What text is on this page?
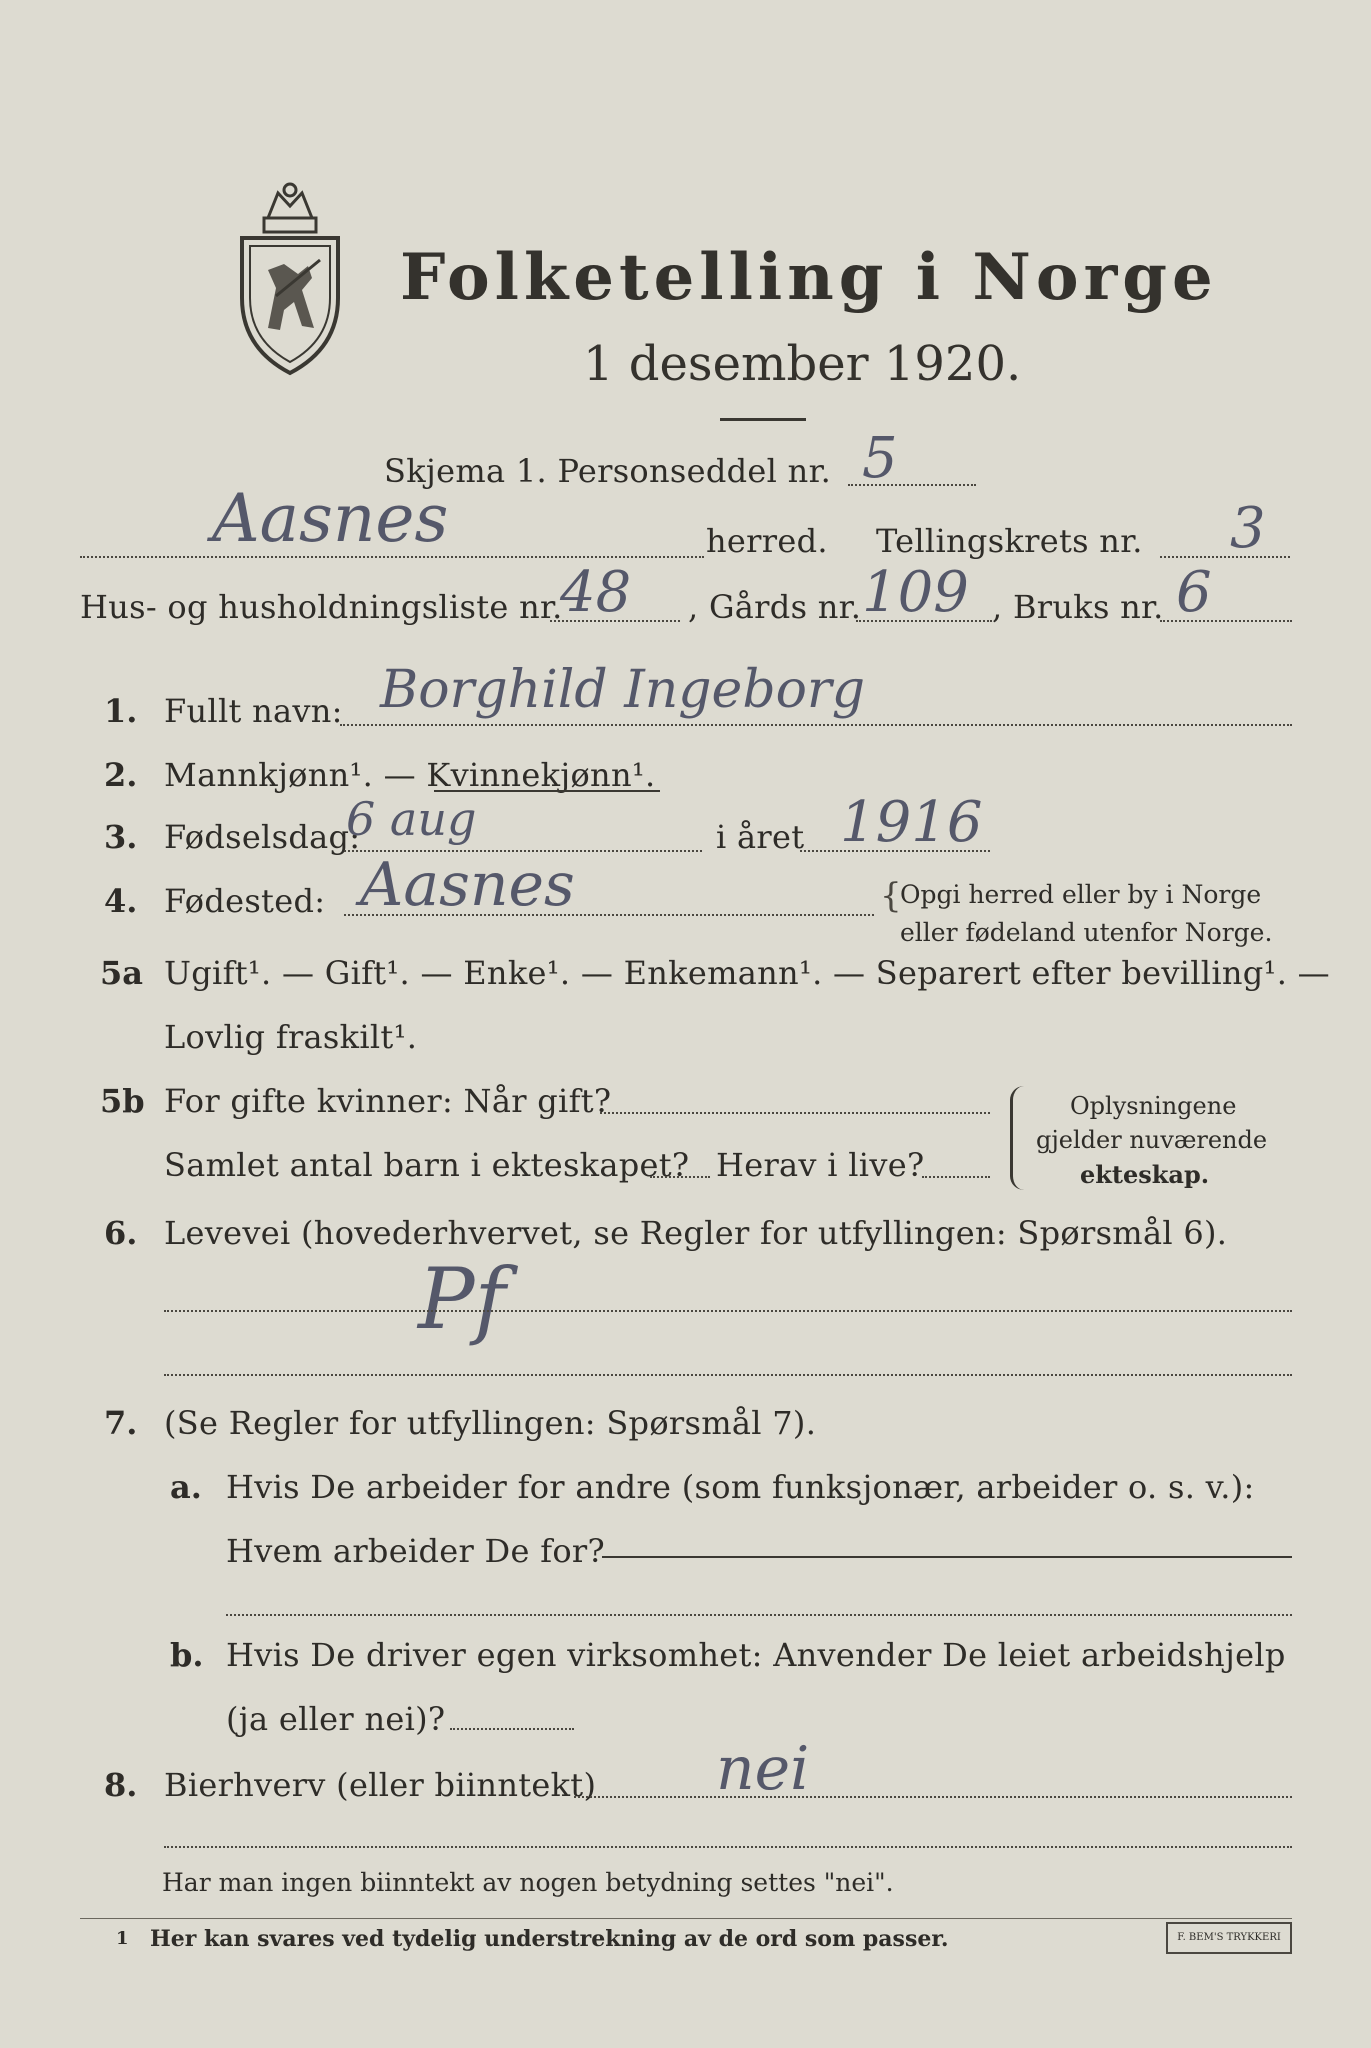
Folketelling i Norge
1 desember 1920.
Skjema 1. Personseddel nr. 5
Aasnes	herred. Tellingskrets nr. 3
Hus- og husholdningsliste nr.
48 , Gårds nr. 109 , Bruks nr. 6
1. Fullt navn: Borghild Ingeborg
2. Mannkjønn¹. — Kvinnekjønn¹.
3. Fødselsdag:
6 aug	i året 1916
4. Fødested: Aasnes	{
Opgi herred eller by i Norge
eller fødeland utenfor Norge.
5a Ugift¹. — Gift¹. — Enke¹. — Enkemann¹. — Separert efter bevilling¹. —
Lovlig fraskilt¹.
5b For gifte kvinner: Når gift?
Samlet antal barn i ekteskapet? Herav i live?
Oplysningene
gjelder nuværende
ekteskap.
6. Levevei (hovederhvervet, se Regler for utfyllingen: Spørsmål 6).
Pf
7. (Se Regler for utfyllingen: Spørsmål 7).
a. Hvis De arbeider for andre (som funksjonær, arbeider o. s. v.):
Hvem arbeider De for?
b. Hvis De driver egen virksomhet: Anvender De leiet arbeidshjelp
(ja eller nei)?
8. Bierhverv (eller biinntekt) nei
Har man ingen biinntekt av nogen betydning settes "nei".
1 Her kan svares ved tydelig understrekning av de ord som passer.	F. BEM'S TRYKKERI
